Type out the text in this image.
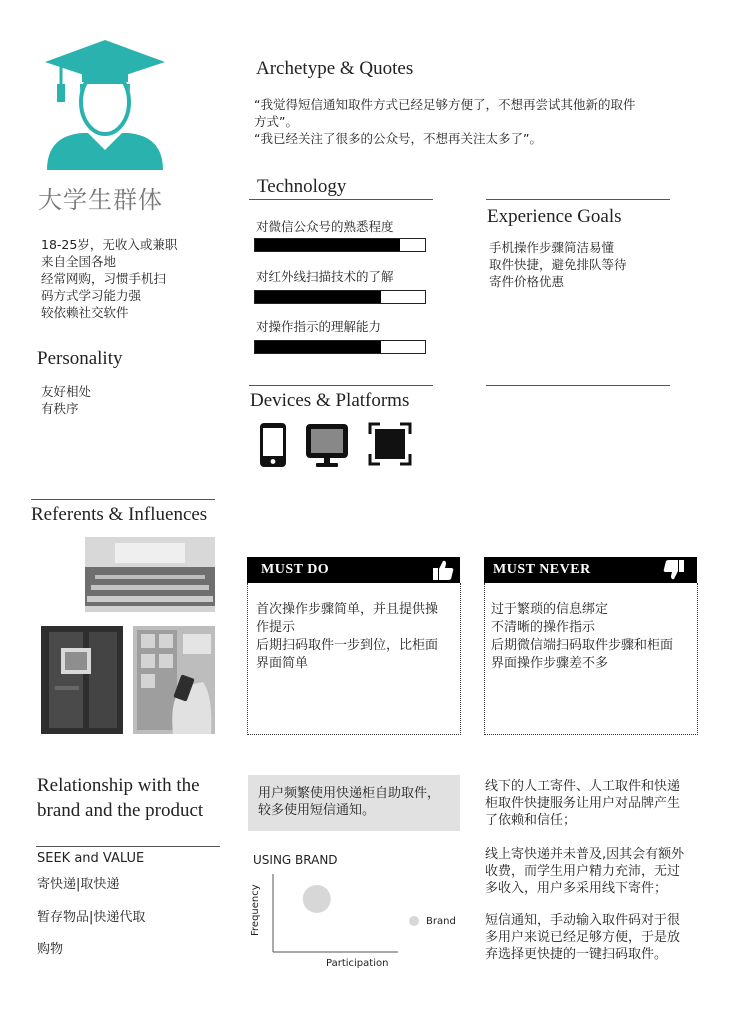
大学生群体
18-25岁，无收入或兼职
来自全国各地
经常网购，习惯手机扫
码方式学习能力强
较依赖社交软件
Personality
友好相处
有秩序
Archetype & Quotes
“我觉得短信通知取件方式已经足够方便了，不想再尝试其他新的取件
方式”。
“我已经关注了很多的公众号，不想再关注太多了”。
Technology
对微信公众号的熟悉程度
对红外线扫描技术的了解
对操作指示的理解能力
Devices & Platforms
Experience Goals
手机操作步骤简洁易懂
取件快捷，避免排队等待
寄件价格优惠
Referents & Influences
MUST DO
首次操作步骤简单，并且提供操
作提示
后期扫码取件一步到位，比柜面
界面简单
MUST NEVER
过于繁琐的信息绑定
不清晰的操作指示
后期微信端扫码取件步骤和柜面
界面操作步骤差不多
Relationship with the
brand and the product
SEEK and VALUE
寄快递|取快递
暂存物品|快递代取
购物
用户频繁使用快递柜自助取件，
较多使用短信通知。
USING BRAND
Frequency
Participation
Brand
线下的人工寄件、人工取件和快递
柜取件快捷服务让用户对品牌产生
了依赖和信任；
线上寄快递并未普及,因其会有额外
收费，而学生用户精力充沛，无过
多收入，用户多采用线下寄件；
短信通知，手动输入取件码对于很
多用户来说已经足够方便，于是放
弃选择更快捷的一键扫码取件。
